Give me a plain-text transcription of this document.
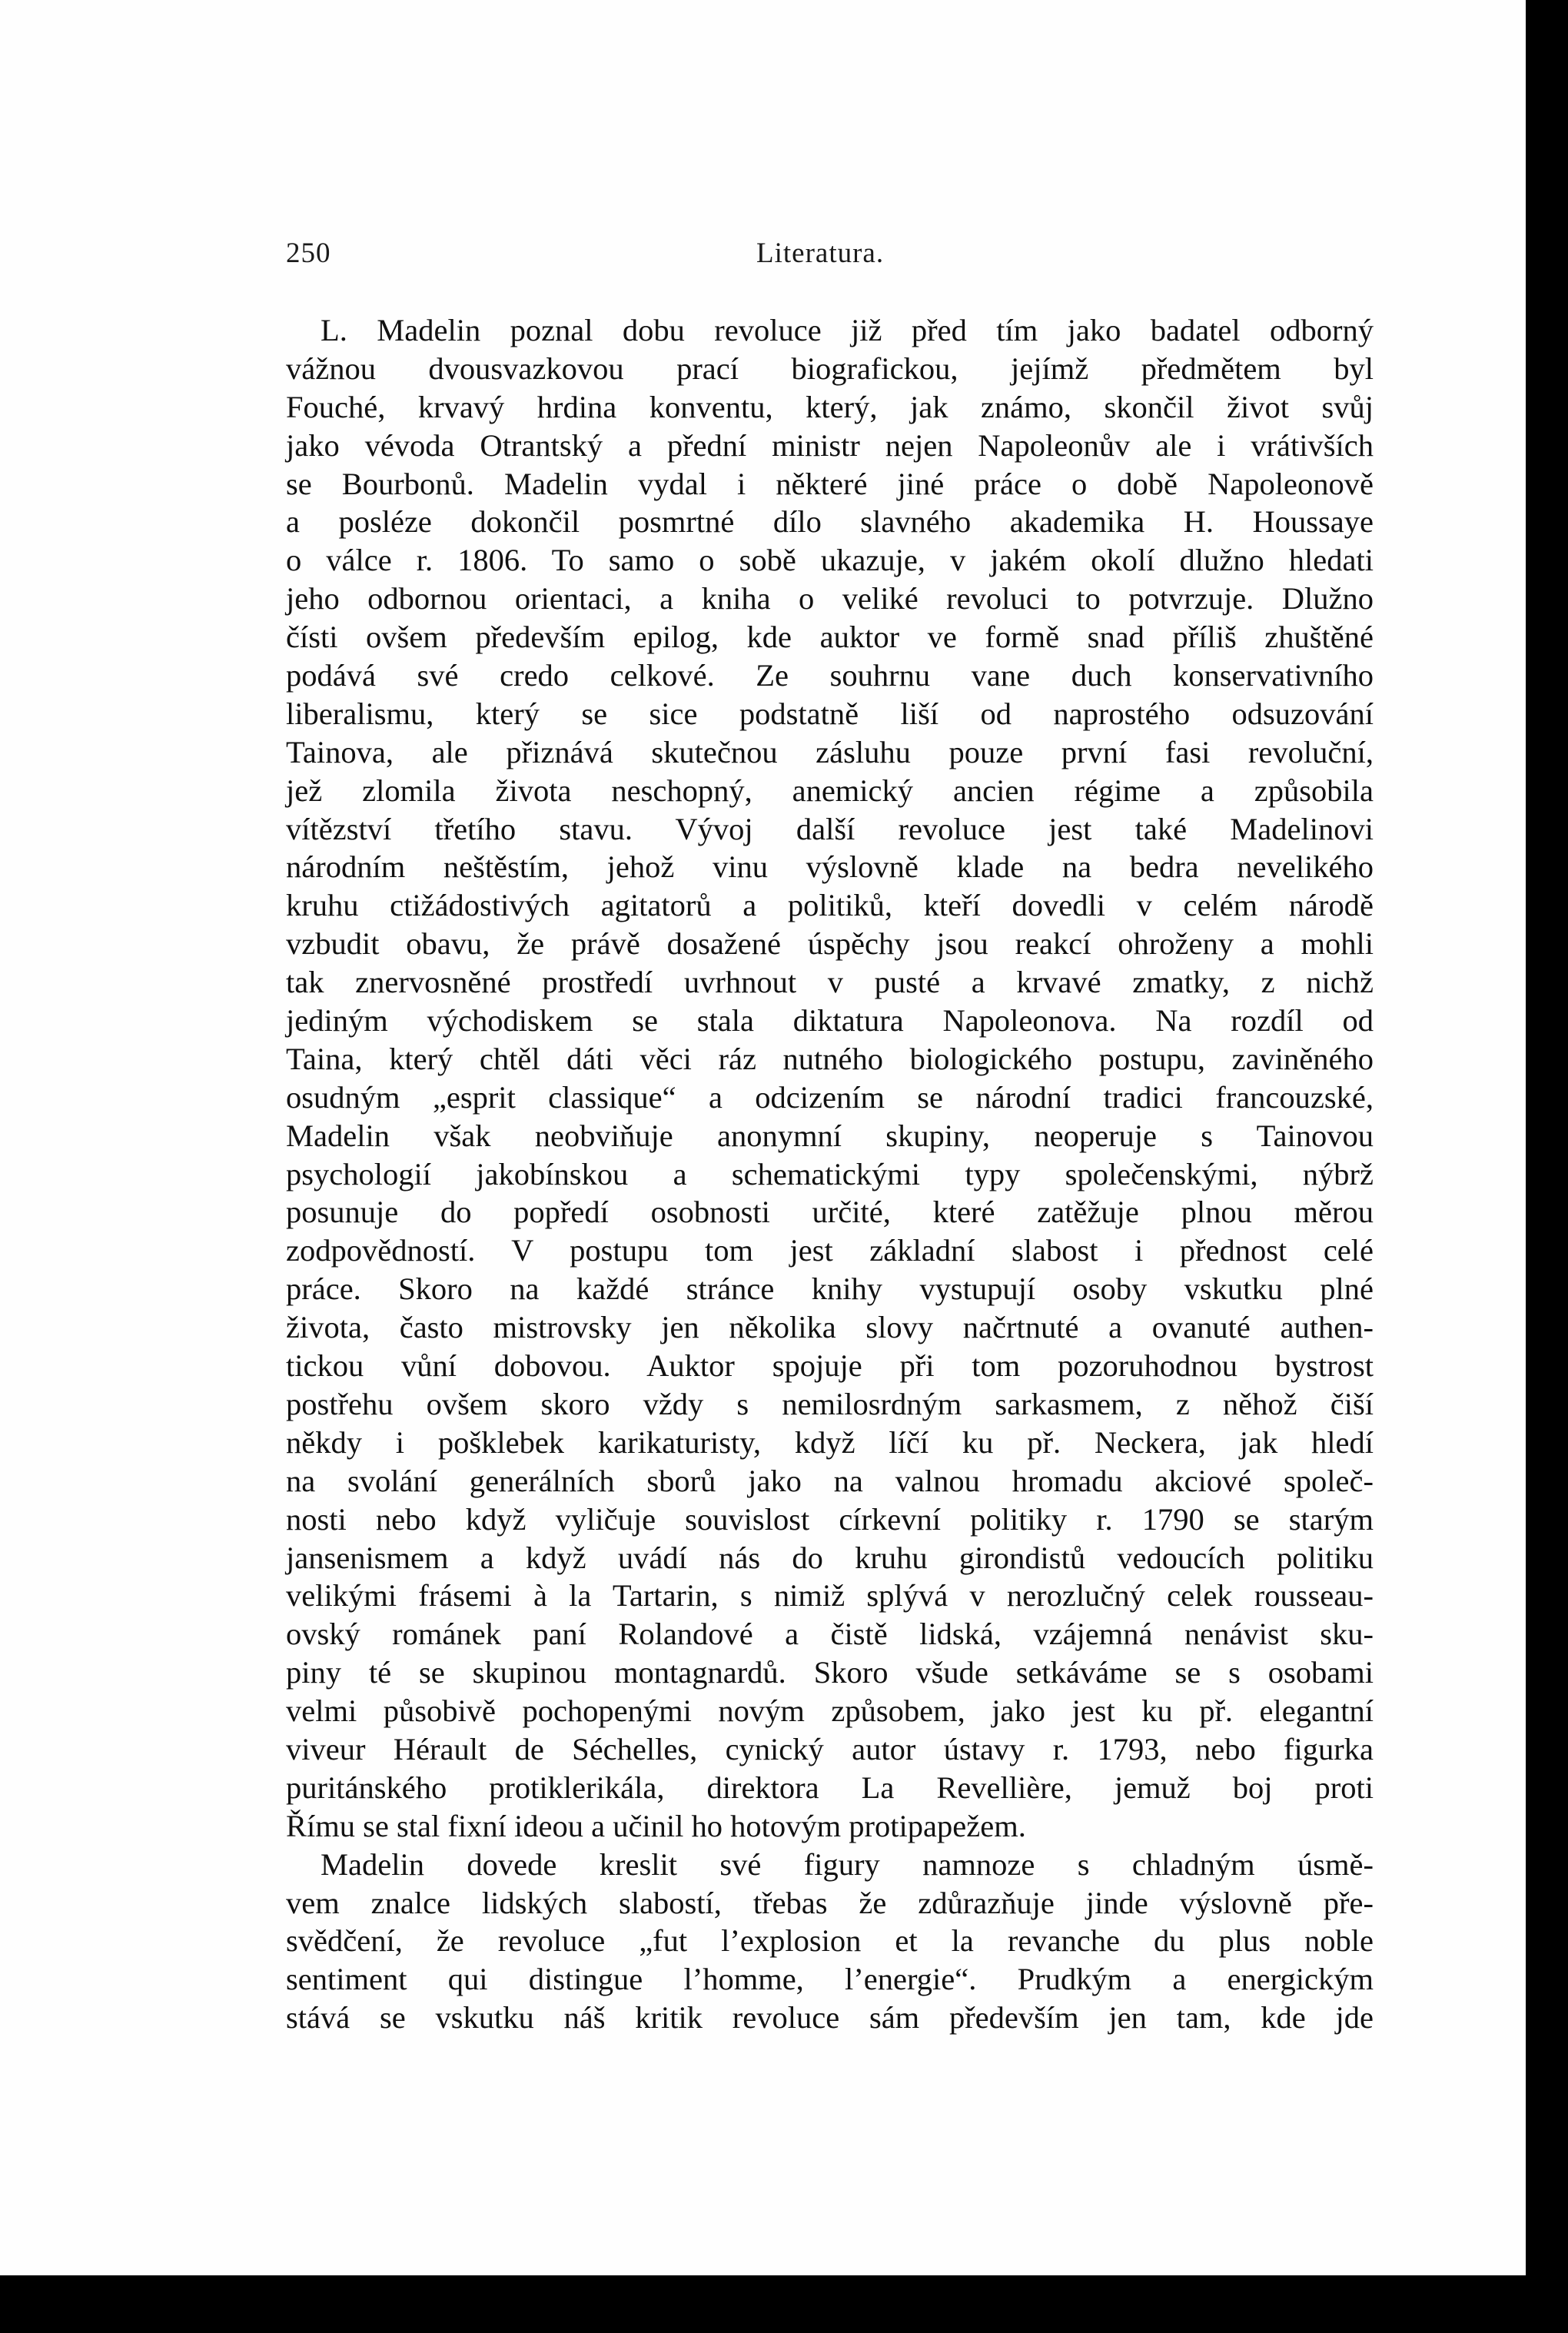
250	Literatura.
L. Madelin poznal dobu revoluce již před tím jako badatel odborný
vážnou dvousvazkovou prací biografickou, jejímž předmětem byl
Fouché, krvavý hrdina konventu, který, jak známo, skončil život svůj
jako vévoda Otrantský a přední ministr nejen Napoleonův ale i vrátivších
se Bourbonů. Madelin vydal i některé jiné práce o době Napoleonově
a posléze dokončil posmrtné dílo slavného akademika H. Houssaye
o válce r. 1806. To samo o sobě ukazuje, v jakém okolí dlužno hledati
jeho odbornou orientaci, a kniha o veliké revoluci to potvrzuje. Dlužno
čísti ovšem především epilog, kde auktor ve formě snad příliš zhuštěné
podává své credo celkové. Ze souhrnu vane duch konservativního
liberalismu, který se sice podstatně liší od naprostého odsuzování
Tainova, ale přiznává skutečnou zásluhu pouze první fasi revoluční,
jež zlomila života neschopný, anemický ancien régime a způsobila
vítězství třetího stavu. Vývoj další revoluce jest také Madelinovi
národním neštěstím, jehož vinu výslovně klade na bedra nevelikého
kruhu ctižádostivých agitatorů a politiků, kteří dovedli v celém národě
vzbudit obavu, že právě dosažené úspěchy jsou reakcí ohroženy a mohli
tak znervosněné prostředí uvrhnout v pusté a krvavé zmatky, z nichž
jediným východiskem se stala diktatura Napoleonova. Na rozdíl od
Taina, který chtěl dáti věci ráz nutného biologického postupu, zaviněného
osudným „esprit classique“ a odcizením se národní tradici francouzské,
Madelin však neobviňuje anonymní skupiny, neoperuje s Tainovou
psychologií jakobínskou a schematickými typy společenskými, nýbrž
posunuje do popředí osobnosti určité, které zatěžuje plnou měrou
zodpovědností. V postupu tom jest základní slabost i přednost celé
práce. Skoro na každé stránce knihy vystupují osoby vskutku plné
života, často mistrovsky jen několika slovy načrtnuté a ovanuté authen-
tickou vůní dobovou. Auktor spojuje při tom pozoruhodnou bystrost
postřehu ovšem skoro vždy s nemilosrdným sarkasmem, z něhož čiší
někdy i pošklebek karikaturisty, když líčí ku př. Neckera, jak hledí
na svolání generálních sborů jako na valnou hromadu akciové společ-
nosti nebo když vyličuje souvislost církevní politiky r. 1790 se starým
jansenismem a když uvádí nás do kruhu girondistů vedoucích politiku
velikými frásemi à la Tartarin, s nimiž splývá v nerozlučný celek rousseau-
ovský románek paní Rolandové a čistě lidská, vzájemná nenávist sku-
piny té se skupinou montagnardů. Skoro všude setkáváme se s osobami
velmi působivě pochopenými novým způsobem, jako jest ku př. elegantní
viveur Hérault de Séchelles, cynický autor ústavy r. 1793, nebo figurka
puritánského protiklerikála, direktora La Revellière, jemuž boj proti
Římu se stal fixní ideou a učinil ho hotovým protipapežem.
Madelin dovede kreslit své figury namnoze s chladným úsmě-
vem znalce lidských slabostí, třebas že zdůrazňuje jinde výslovně pře-
svědčení, že revoluce „fut l’explosion et la revanche du plus noble
sentiment qui distingue l’homme, l’energie“. Prudkým a energickým
stává se vskutku náš kritik revoluce sám především jen tam, kde jde
